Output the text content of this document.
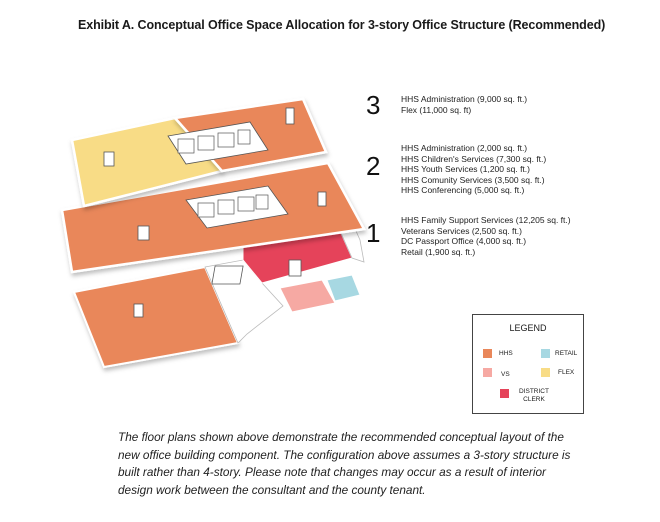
Exhibit A. Conceptual Office Space Allocation for 3-story Office Structure (Recommended)
3 HHS Administration (9,000 sq. ft.)
Flex (11,000 sq. ft)
2
HHS Administration (2,000 sq. ft.)
HHS Children's Services (7,300 sq. ft.)
HHS Youth Services (1,200 sq. ft.)
HHS Comunity Services (3,500 sq. ft.)
HHS Conferencing (5,000 sq. ft.)
1 HHS Family Support Services (12,205 sq. ft.)
Veterans Services (2,500 sq. ft.)
DC Passport Office (4,000 sq. ft.)
Retail (1,900 sq. ft.)
LEGEND
HHS	RETAIL
VS	FLEX
DISTRICT
CLERK
The floor plans shown above demonstrate the recommended conceptual layout of the
new office building component. The configuration above assumes a 3-story structure is
built rather than 4-story. Please note that changes may occur as a result of interior
design work between the consultant and the county tenant.
